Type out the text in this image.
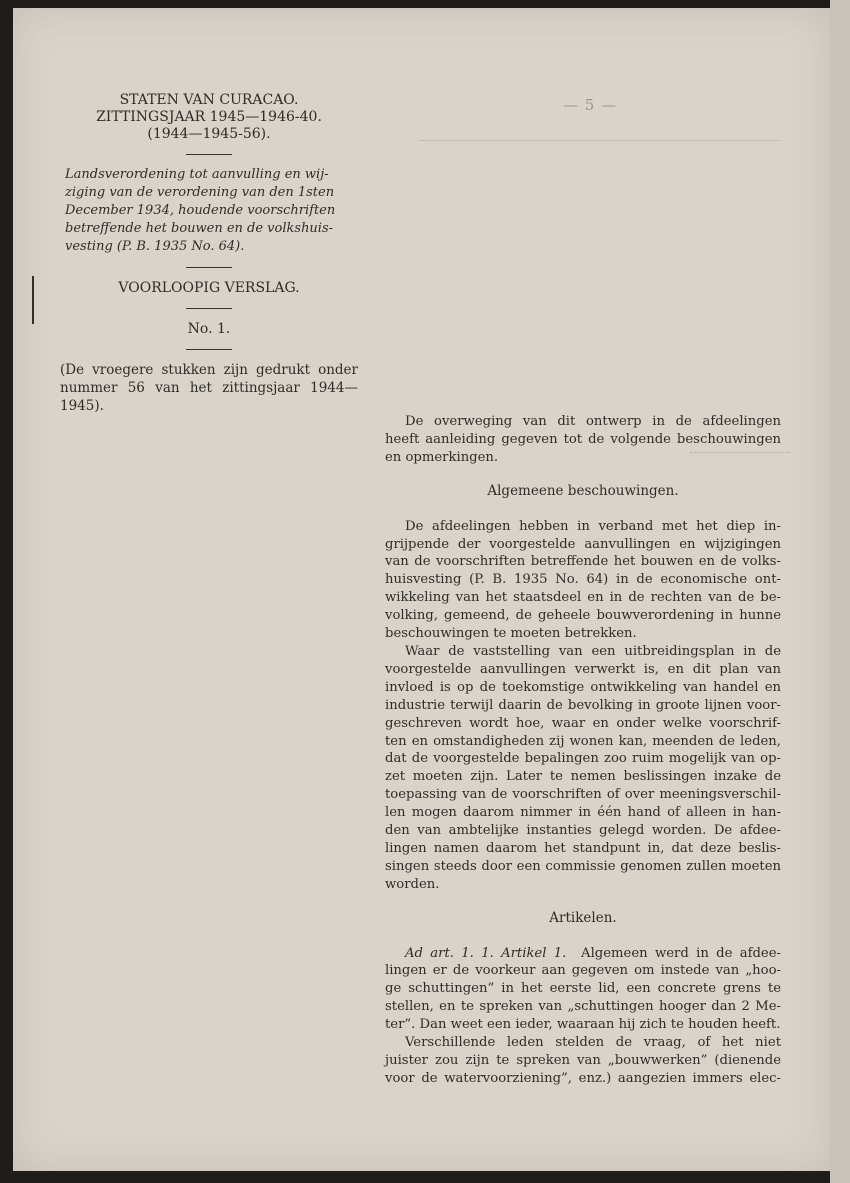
— 5 —
STATEN VAN CURACAO.
ZITTINGSJAAR 1945—1946-40.
(1944—1945-56).
Landsverordening tot aanvulling en wij-
ziging van de verordening van den 1sten
December 1934, houdende voorschriften
betreffende het bouwen en de volkshuis-
vesting (P. B. 1935 No. 64).
VOORLOOPIG VERSLAG.
No. 1.
(De vroegere stukken zijn gedrukt onder
nummer 56 van het zittingsjaar 1944—
1945).
De overweging van dit ontwerp in de afdeelingen
heeft aanleiding gegeven tot de volgende beschouwingen
en opmerkingen.
Algemeene beschouwingen.
De afdeelingen hebben in verband met het diep in-
grijpende der voorgestelde aanvullingen en wijzigingen
van de voorschriften betreffende het bouwen en de volks-
huisvesting (P. B. 1935 No. 64) in de economische ont-
wikkeling van het staatsdeel en in de rechten van de be-
volking, gemeend, de geheele bouwverordening in hunne
beschouwingen te moeten betrekken.
Waar de vaststelling van een uitbreidingsplan in de
voorgestelde aanvullingen verwerkt is, en dit plan van
invloed is op de toekomstige ontwikkeling van handel en
industrie terwijl daarin de bevolking in groote lijnen voor-
geschreven wordt hoe, waar en onder welke voorschrif-
ten en omstandigheden zij wonen kan, meenden de leden,
dat de voorgestelde bepalingen zoo ruim mogelijk van op-
zet moeten zijn. Later te nemen beslissingen inzake de
toepassing van de voorschriften of over meeningsverschil-
len mogen daarom nimmer in één hand of alleen in han-
den van ambtelijke instanties gelegd worden. De afdee-
lingen namen daarom het standpunt in, dat deze beslis-
singen steeds door een commissie genomen zullen moeten
worden.
Artikelen.
Ad art. 1. 1. Artikel 1. Algemeen werd in de afdee-
lingen er de voorkeur aan gegeven om instede van „hoo-
ge schuttingen” in het eerste lid, een concrete grens te
stellen, en te spreken van „schuttingen hooger dan 2 Me-
ter”. Dan weet een ieder, waaraan hij zich te houden heeft.
Verschillende leden stelden de vraag, of het niet
juister zou zijn te spreken van „bouwwerken” (dienende
voor de watervoorziening”, enz.) aangezien immers elec-
